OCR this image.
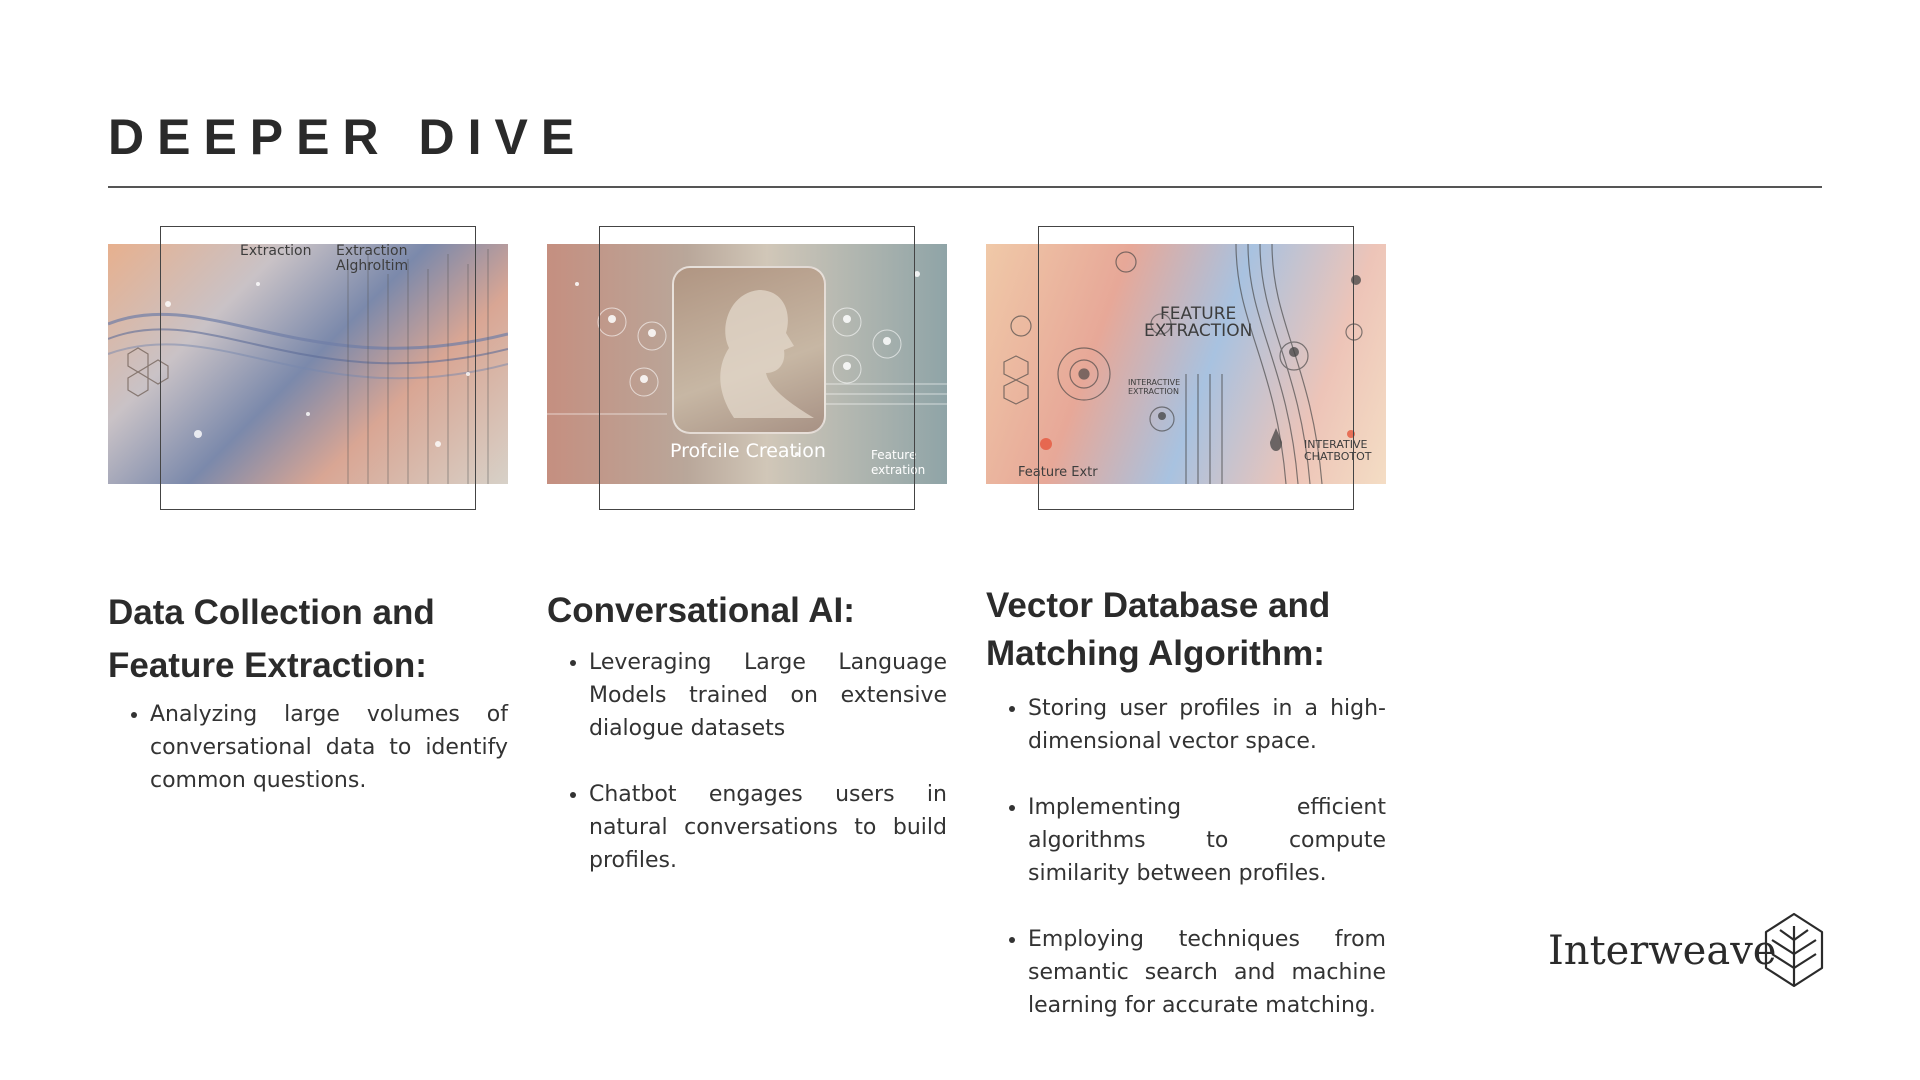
DEEPER DIVE
Extraction Extraction
Alghroltim
Data Collection and Feature Extraction:
• Analyzing large volumes of conversational data to identify common questions.
Profcile Creation	Feature
extration
Conversational AI:
• Leveraging Large Language Models trained on extensive dialogue datasets
• Chatbot engages users in natural conversations to build profiles.
FEATURE
EXTRACTION
INTERACTIVE
EXTRACTION
INTERATIVE
CHATBOTOT
Feature Extr
Vector Database and Matching Algorithm:
• Storing user profiles in a high-dimensional vector space.
• Implementing efficient algorithms to compute similarity between profiles.
• Employing techniques from semantic search and machine learning for accurate matching.
Interweave
